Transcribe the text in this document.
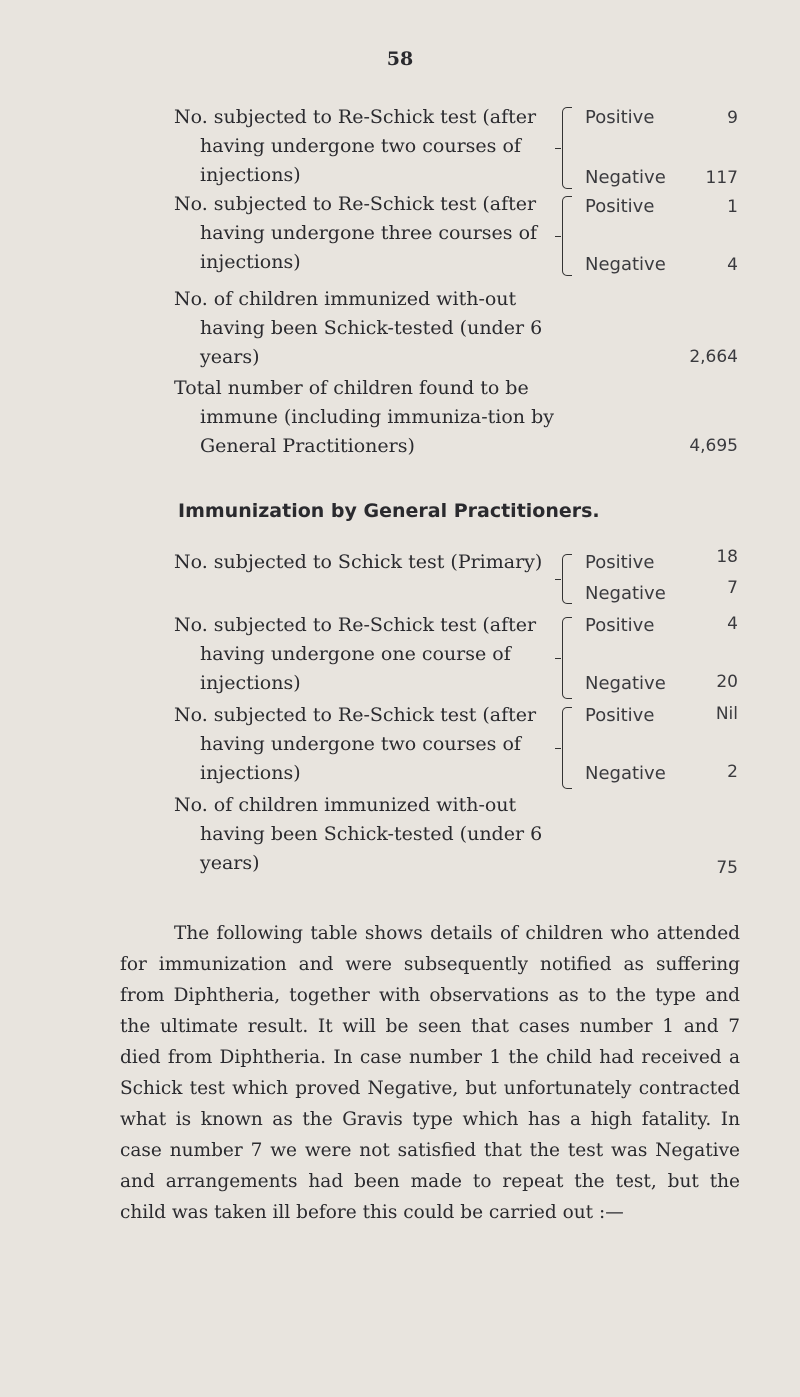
58
No. subjected to Re-Schick test (after having undergone two courses of injections)
Positive	9
Negative 117
No. subjected to Re-Schick test (after having undergone three courses of injections)
Positive	1
Negative	4
No. of children immunized with-out having been Schick-tested (under 6 years)	2,664
Total number of children found to be immune (including immuniza-tion by General Practitioners)	4,695
Immunization by General Practitioners.
No. subjected to Schick test (Primary)	Positive	18
Negative	7
No. subjected to Re-Schick test (after having undergone one course of injections)
Positive	4
Negative	20
No. subjected to Re-Schick test (after having undergone two courses of injections)
Positive	Nil
Negative	2
No. of children immunized with-out having been Schick-tested (under 6 years)	75
The following table shows details of children who attended for immunization and were subsequently notified as suffering from Diphtheria, together with observations as to the type and the ultimate result. It will be seen that cases number 1 and 7 died from Diphtheria. In case number 1 the child had received a Schick test which proved Negative, but unfortunately contracted what is known as the Gravis type which has a high fatality. In case number 7 we were not satisfied that the test was Negative and arrangements had been made to repeat the test, but the child was taken ill before this could be carried out :—
